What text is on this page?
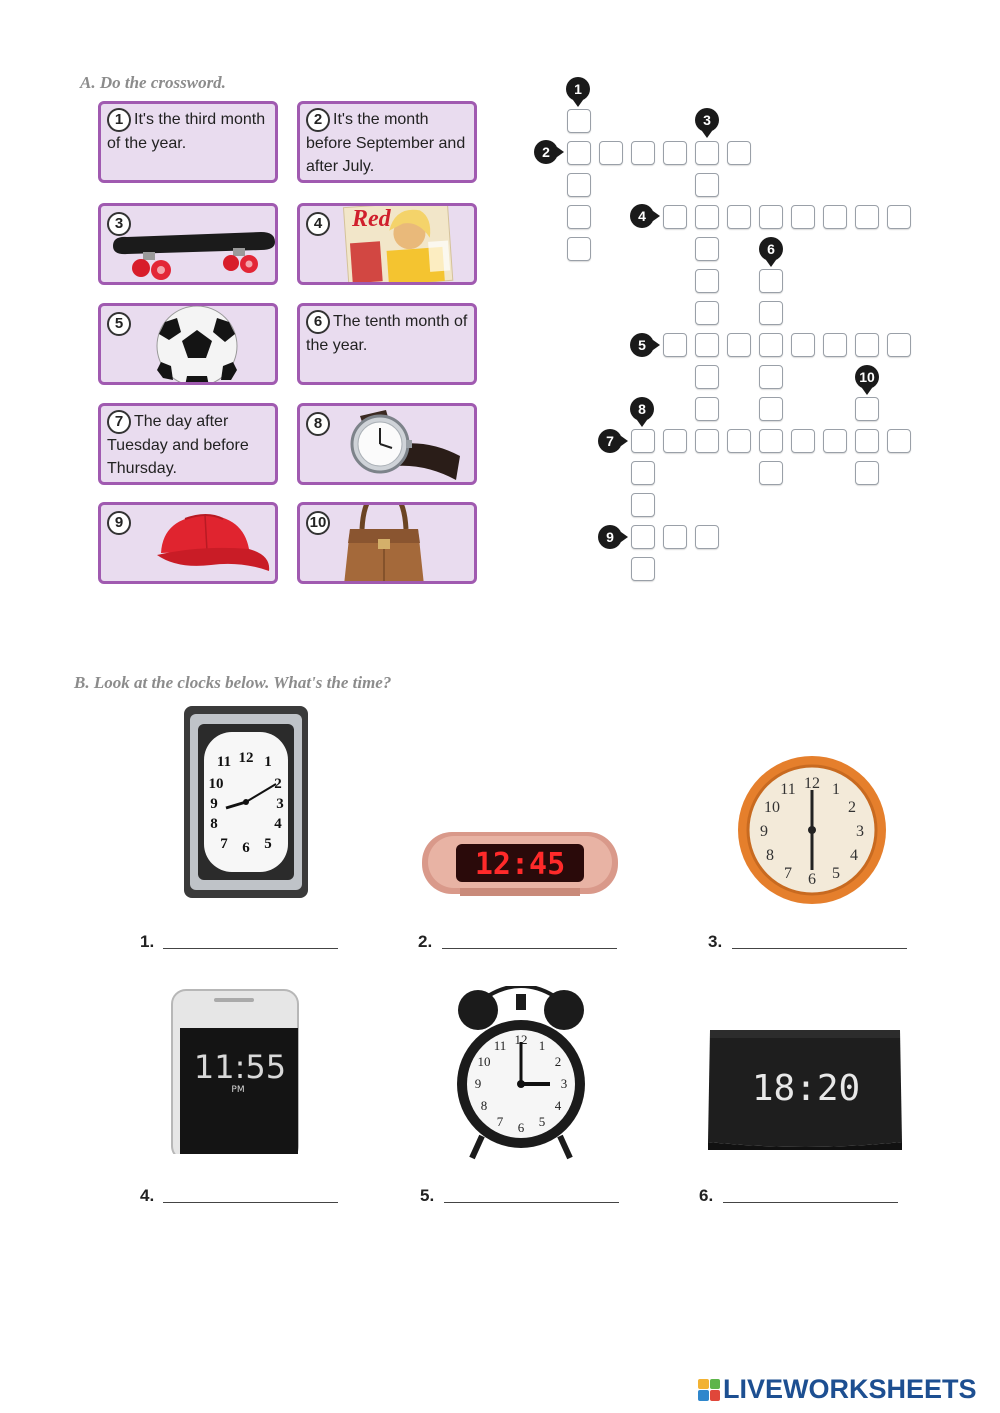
A. Do the crossword.
1 It's the third month of the year.
2 It's the month before September and after July.
3	4	Red
5	6 The tenth month of the year.
7 The day after Tuesday and before Thursday.
8
9	10
1
2
3
4
5
6
7
8
9
10
B. Look at the clocks below. What's the time?
12 1
2
3
4
5
6
7
8
9
10
11
12:45
12 1
2
3
4
5
6
7
8
9
10
11
1.	2.	3.
11:55
PM
12 1
2
3
4
5
6
7
8
9
10
11
18:20
4.	5.	6.
LIVEWORKSHEETS
